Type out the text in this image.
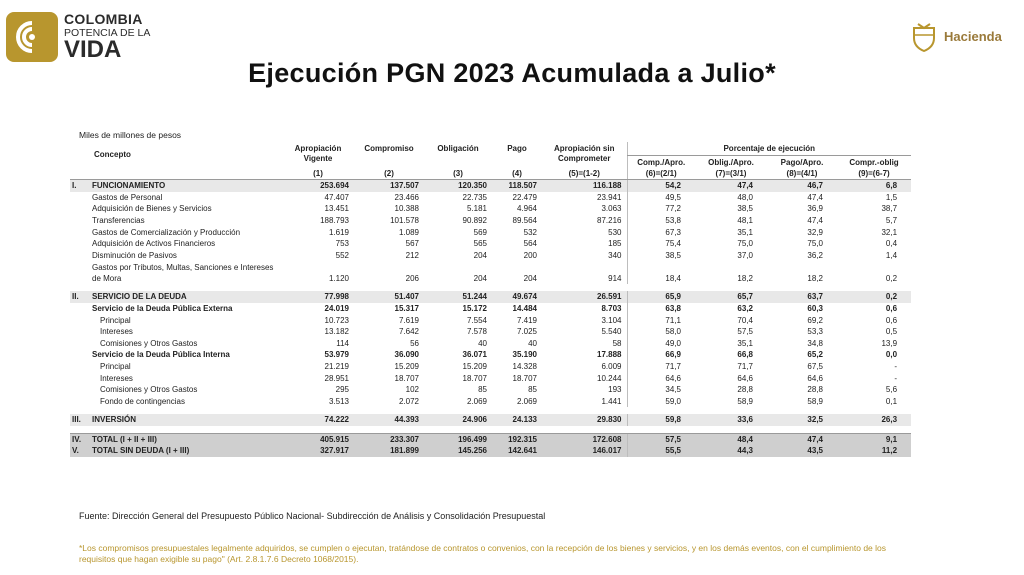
COLOMBIA
POTENCIA DE LA
VIDA	Hacienda
Ejecución PGN 2023 Acumulada a Julio*
Miles de millones de pesos
	Concepto	Apropiación Vigente	Compromiso	Obligación	Pago	Apropiación sin Comprometer	Porcentaje de ejecución			
							Comp./Apro.	Oblig./Apro.	Pago/Apro.	Compr.-oblig
		(1)	(2)	(3)	(4)	(5)=(1-2)	(6)=(2/1)	(7)=(3/1)	(8)=(4/1)	(9)=(6-7)
I.	FUNCIONAMIENTO	253.694	137.507	120.350	118.507	116.188	54,2	47,4	46,7	6,8
	Gastos de Personal	47.407	23.466	22.735	22.479	23.941	49,5	48,0	47,4	1,5
	Adquisición de Bienes y Servicios	13.451	10.388	5.181	4.964	3.063	77,2	38,5	36,9	38,7
	Transferencias	188.793	101.578	90.892	89.564	87.216	53,8	48,1	47,4	5,7
	Gastos de Comercialización y Producción	1.619	1.089	569	532	530	67,3	35,1	32,9	32,1
	Adquisición de Activos Financieros	753	567	565	564	185	75,4	75,0	75,0	0,4
	Disminución de Pasivos	552	212	204	200	340	38,5	37,0	36,2	1,4
	Gastos por Tributos, Multas, Sanciones e Intereses de Mora	1.120	206	204	204	914	18,4	18,2	18,2	0,2

II.	SERVICIO DE LA DEUDA	77.998	51.407	51.244	49.674	26.591	65,9	65,7	63,7	0,2
	Servicio de la Deuda Pública Externa	24.019	15.317	15.172	14.484	8.703	63,8	63,2	60,3	0,6
	Principal	10.723	7.619	7.554	7.419	3.104	71,1	70,4	69,2	0,6
	Intereses	13.182	7.642	7.578	7.025	5.540	58,0	57,5	53,3	0,5
	Comisiones y Otros Gastos	114	56	40	40	58	49,0	35,1	34,8	13,9
	Servicio de la Deuda Pública Interna	53.979	36.090	36.071	35.190	17.888	66,9	66,8	65,2	0,0
	Principal	21.219	15.209	15.209	14.328	6.009	71,7	71,7	67,5	-
	Intereses	28.951	18.707	18.707	18.707	10.244	64,6	64,6	64,6	-
	Comisiones y Otros Gastos	295	102	85	85	193	34,5	28,8	28,8	5,6
	Fondo de contingencias	3.513	2.072	2.069	2.069	1.441	59,0	58,9	58,9	0,1

III.	INVERSIÓN	74.222	44.393	24.906	24.133	29.830	59,8	33,6	32,5	26,3

IV.	TOTAL (I + II + III)	405.915	233.307	196.499	192.315	172.608	57,5	48,4	47,4	9,1
V.	TOTAL SIN DEUDA (I + III)	327.917	181.899	145.256	142.641	146.017	55,5	44,3	43,5	11,2
Fuente: Dirección General del Presupuesto Público Nacional- Subdirección de Análisis y Consolidación Presupuestal
*Los compromisos presupuestales legalmente adquiridos, se cumplen o ejecutan, tratándose de contratos o convenios, con la recepción de los bienes y servicios, y en los demás eventos, con el cumplimiento de los requisitos que hagan exigible su pago" (Art. 2.8.1.7.6 Decreto 1068/2015).
